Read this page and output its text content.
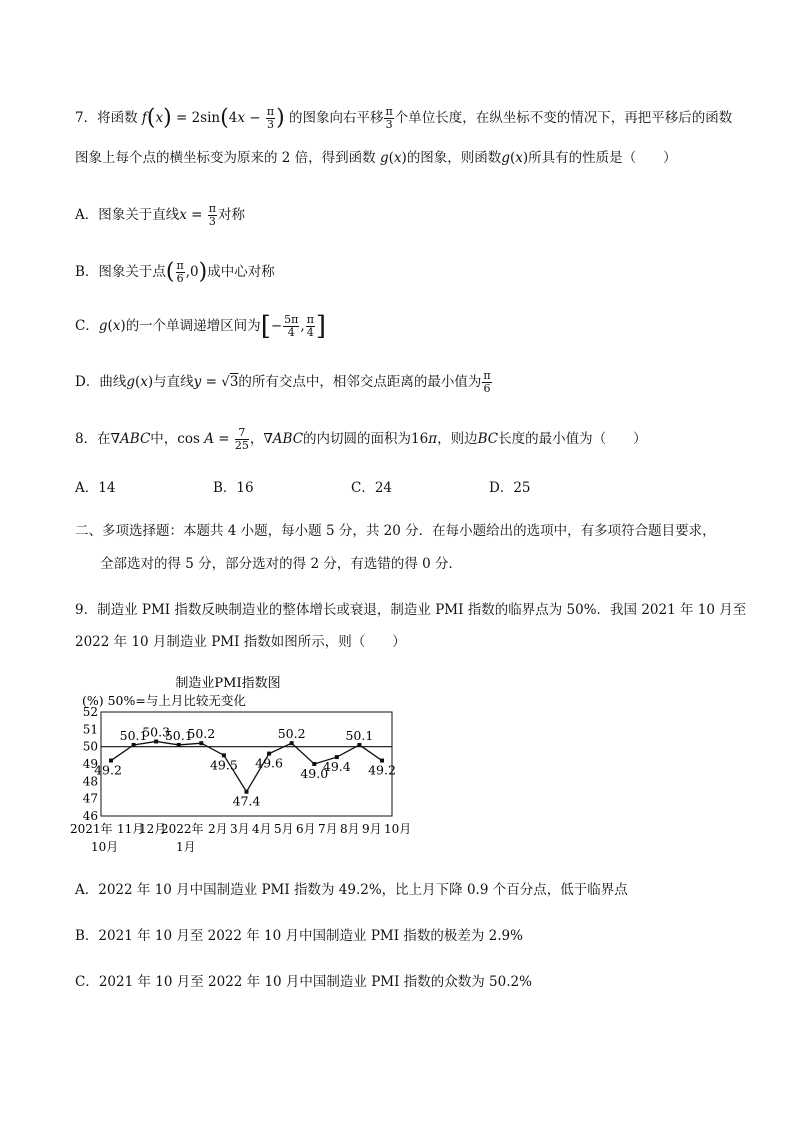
7．将函数 $f(x) = 2\sin(4x - \frac{\pi}{3}$ ) 的图象向右平移 $\frac{\pi}{3}$ 个单位长度，在纵坐标不变的情况下，再把平移后的函数
图象上每个点的横坐标变为原来的 2 倍，得到函数 g(x)的图象，则函数g(x)所具有的性质是（　　）
A．图象关于直线$x = \frac{\pi}{3}$ 对称
B．图象关于点( $\frac{\pi}{6} ,0$)成中心对称
C．g(x)的一个单调递增区间为[− $\frac{5\pi}{4}$ , $\frac{\pi}{4}$ ]
D．曲线g(x)与直线y = √3的所有交点中，相邻交点距离的最小值为 $\frac{\pi}{6}$
8．在∇ABC中，$\cos A = \frac{7}{25}$ ，∇ABC的内切圆的面积为16π，则边BC长度的最小值为（　　）
A．14	B．16	C．24	D．25
二、多项选择题：本题共 4 小题，每小题 5 分，共 20 分．在每小题给出的选项中，有多项符合题目要求，
全部选对的得 5 分，部分选对的得 2 分，有选错的得 0 分．
9．制造业 PMI 指数反映制造业的整体增长或衰退，制造业 PMI 指数的临界点为 50%．我国 2021 年 10 月至
2022 年 10 月制造业 PMI 指数如图所示，则（　　）
制造业PMI指数图
(%) 50%=与上月比较无变化
46
47
48
49
50
51
52
49.2
50.1
50.3
50.1
50.2
49.5
47.4
49.6
50.2
49.0
49.4
50.1
49.2
2021年 11月
12月
2022年 2月 3月 4月 5月 6月 7月 8月 9月 10月
10月	1月
A．2022 年 10 月中国制造业 PMI 指数为 49.2%，比上月下降 0.9 个百分点，低于临界点
B．2021 年 10 月至 2022 年 10 月中国制造业 PMI 指数的极差为 2.9%
C．2021 年 10 月至 2022 年 10 月中国制造业 PMI 指数的众数为 50.2%
